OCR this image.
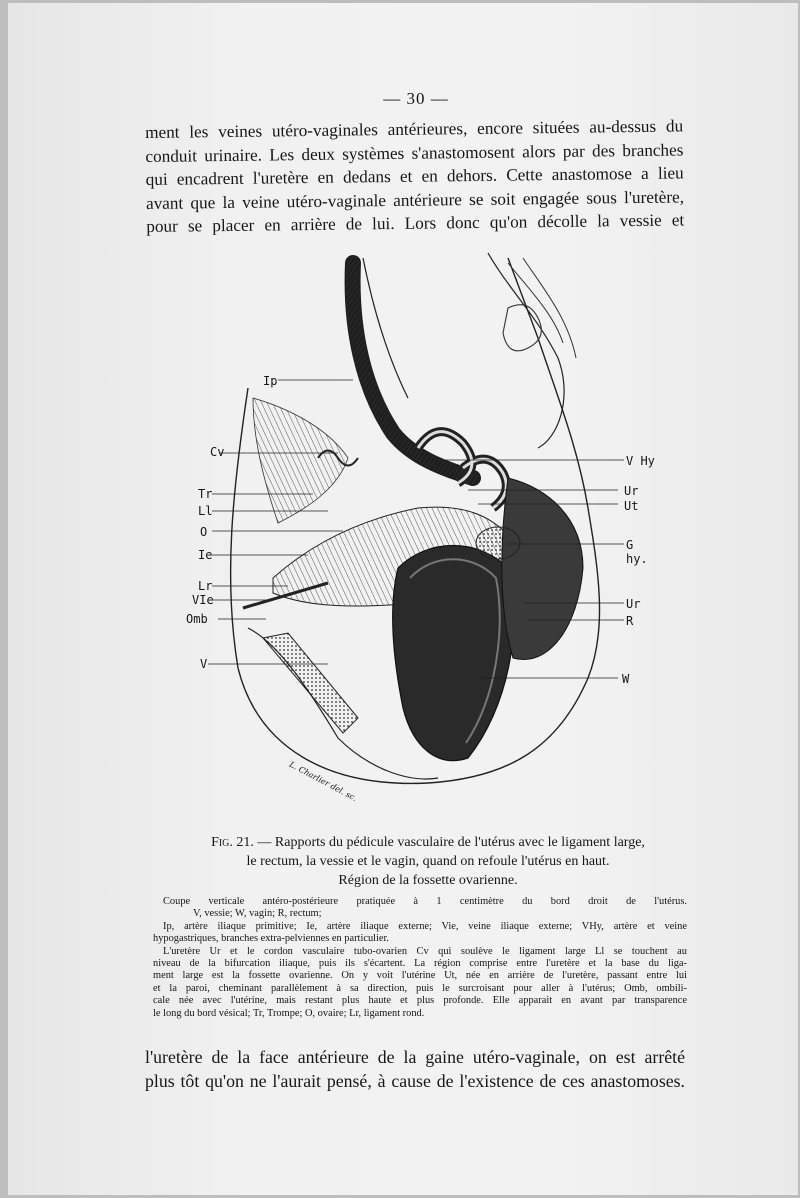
— 30 —

ment les veines utéro-vaginales antérieures, encore situées au-dessus du
conduit urinaire. Les deux systèmes s'anastomosent alors par des branches
qui encadrent l'uretère en dedans et en dehors. Cette anastomose a lieu
avant que la veine utéro-vaginale antérieure se soit engagée sous l'uretère,
pour se placer en arrière de lui. Lors donc qu'on décolle la vessie et

Ip
Cv
Tr
Ll
O
Ie
Lr
VIe
Omb
V
V Hy
Ur
Ut
G hy.
Ur
R
W
L. Charlier del. sc.

Fig. 21. — Rapports du pédicule vasculaire de l'utérus avec le ligament large,
le rectum, la vessie et le vagin, quand on refoule l'utérus en haut.
Région de la fossette ovarienne.

Coupe verticale antéro-postérieure pratiquée à 1 centimètre du bord droit de l'utérus.
V, vessie; W, vagin; R, rectum;
Ip, artère iliaque primitive; Ie, artère iliaque externe; Vie, veine iliaque externe; VHy, artère et veine
hypogastriques, branches extra-pelviennes en particulier.
L'uretère Ur et le cordon vasculaire tubo-ovarien Cv qui soulève le ligament large Ll se touchent au
niveau de la bifurcation iliaque, puis ils s'écartent. La région comprise entre l'uretère et la base du liga-
ment large est la fossette ovarienne. On y voit l'utérine Ut, née en arrière de l'uretère, passant entre lui
et la paroi, cheminant parallèlement à sa direction, puis le surcroisant pour aller à l'utérus; Omb, ombili-
cale née avec l'utérine, mais restant plus haute et plus profonde. Elle apparait en avant par transparence
le long du bord vésical; Tr, Trompe; O, ovaire; Lr, ligament rond.

l'uretère de la face antérieure de la gaine utéro-vaginale, on est arrêté
plus tôt qu'on ne l'aurait pensé, à cause de l'existence de ces anastomoses.
